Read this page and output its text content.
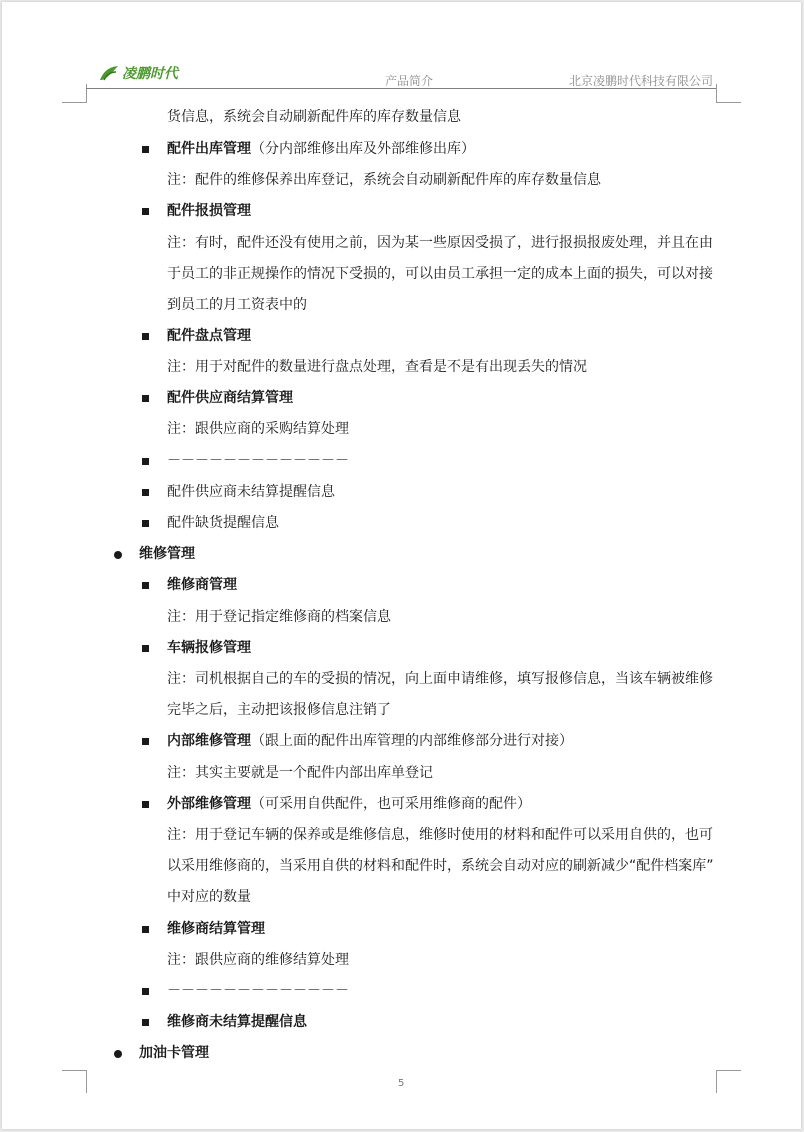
凌鹏时代	产品简介	北京凌鹏时代科技有限公司
货信息，系统会自动刷新配件库的库存数量信息
配件出库管理（分内部维修出库及外部维修出库）
注：配件的维修保养出库登记，系统会自动刷新配件库的库存数量信息
配件报损管理
注：有时，配件还没有使用之前，因为某一些原因受损了，进行报损报废处理，并且在由
于员工的非正规操作的情况下受损的，可以由员工承担一定的成本上面的损失，可以对接
到员工的月工资表中的
配件盘点管理
注：用于对配件的数量进行盘点处理，查看是不是有出现丢失的情况
配件供应商结算管理
注：跟供应商的采购结算处理
－－－－－－－－－－－－－
配件供应商未结算提醒信息
配件缺货提醒信息
维修管理
维修商管理
注：用于登记指定维修商的档案信息
车辆报修管理
注：司机根据自己的车的受损的情况，向上面申请维修，填写报修信息，当该车辆被维修
完毕之后，主动把该报修信息注销了
内部维修管理（跟上面的配件出库管理的内部维修部分进行对接）
注：其实主要就是一个配件内部出库单登记
外部维修管理（可采用自供配件，也可采用维修商的配件）
注：用于登记车辆的保养或是维修信息，维修时使用的材料和配件可以采用自供的，也可
以采用维修商的，当采用自供的材料和配件时，系统会自动对应的刷新减少“配件档案库”
中对应的数量
维修商结算管理
注：跟供应商的维修结算处理
－－－－－－－－－－－－－
维修商未结算提醒信息
加油卡管理
5
